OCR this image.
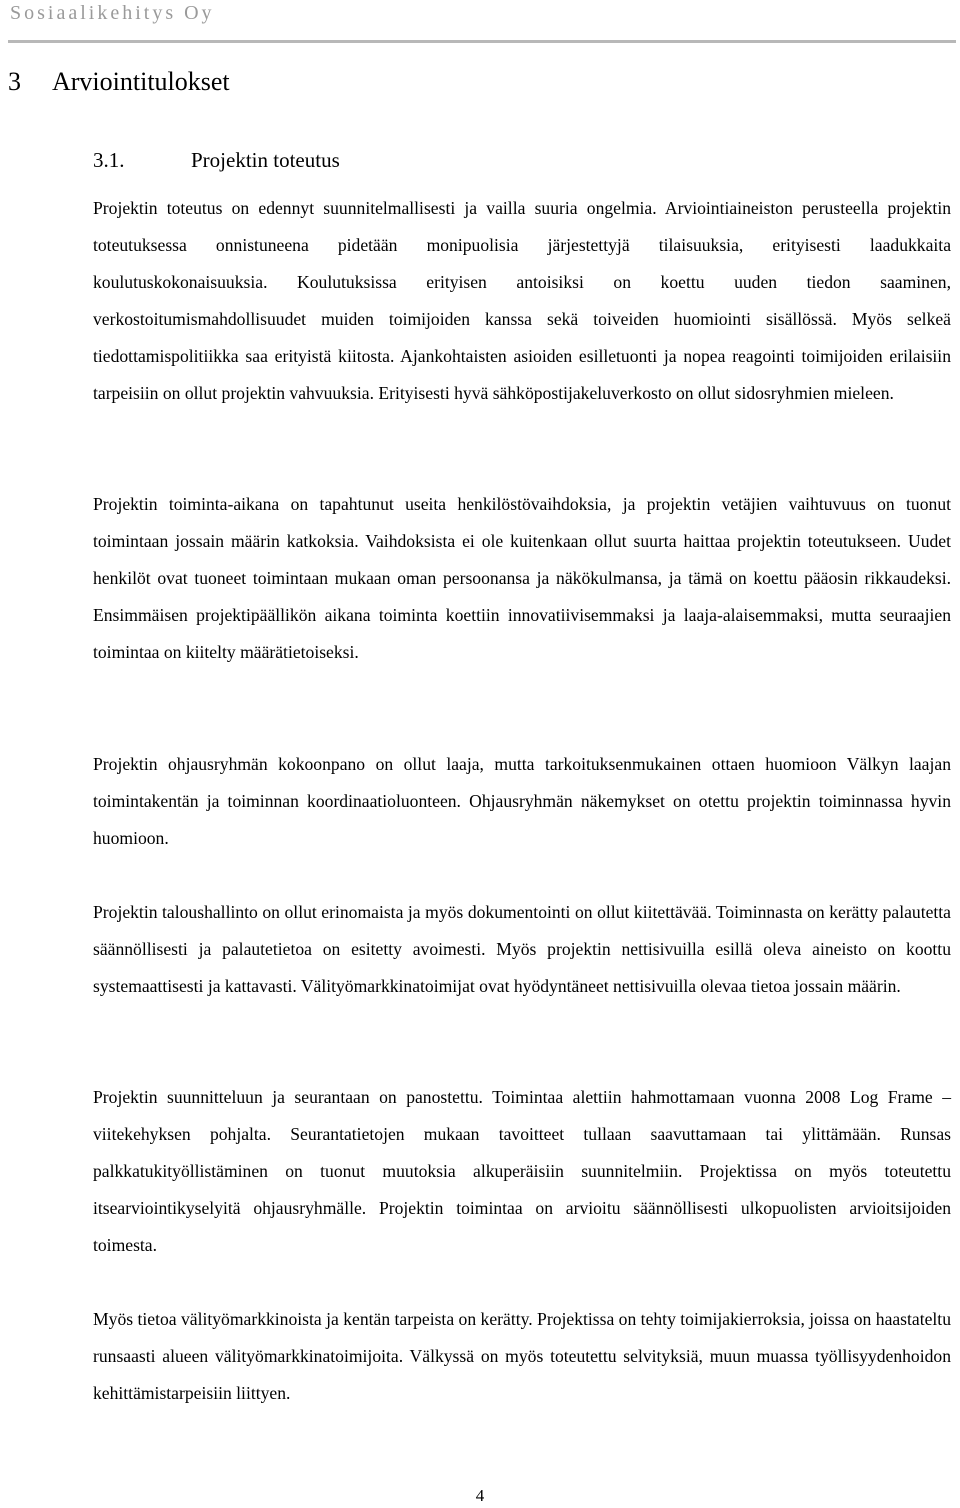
Sosiaalikehitys Oy
3 Arviointitulokset
3.1.	Projektin toteutus

Projektin toteutus on edennyt suunnitelmallisesti ja vailla suuria ongelmia. Arviointiaineiston perusteella projektin toteutuksessa onnistuneena pidetään monipuolisia järjestettyjä tilaisuuksia, erityisesti laadukkaita koulutuskokonaisuuksia. Koulutuksissa erityisen antoisiksi on koettu uuden tiedon saaminen, verkostoitumismahdollisuudet muiden toimijoiden kanssa sekä toiveiden huomiointi sisällössä. Myös selkeä tiedottamispolitiikka saa erityistä kiitosta. Ajankohtaisten asioiden esilletuonti ja nopea reagointi toimijoiden erilaisiin tarpeisiin on ollut projektin vahvuuksia. Erityisesti hyvä sähköpostijakeluverkosto on ollut sidosryhmien mieleen.

Projektin toiminta-aikana on tapahtunut useita henkilöstövaihdoksia, ja projektin vetäjien vaihtuvuus on tuonut toimintaan jossain määrin katkoksia. Vaihdoksista ei ole kuitenkaan ollut suurta haittaa projektin toteutukseen. Uudet henkilöt ovat tuoneet toimintaan mukaan oman persoonansa ja näkökulmansa, ja tämä on koettu pääosin rikkaudeksi. Ensimmäisen projektipäällikön aikana toiminta koettiin innovatiivisemmaksi ja laaja-alaisemmaksi, mutta seuraajien toimintaa on kiitelty määrätietoiseksi.

Projektin ohjausryhmän kokoonpano on ollut laaja, mutta tarkoituksenmukainen ottaen huomioon Välkyn laajan toimintakentän ja toiminnan koordinaatioluonteen. Ohjausryhmän näkemykset on otettu projektin toiminnassa hyvin huomioon.

Projektin taloushallinto on ollut erinomaista ja myös dokumentointi on ollut kiitettävää. Toiminnasta on kerätty palautetta säännöllisesti ja palautetietoa on esitetty avoimesti. Myös projektin nettisivuilla esillä oleva aineisto on koottu systemaattisesti ja kattavasti. Välityömarkkinatoimijat ovat hyödyntäneet nettisivuilla olevaa tietoa jossain määrin.

Projektin suunnitteluun ja seurantaan on panostettu. Toimintaa alettiin hahmottamaan vuonna 2008 Log Frame –viitekehyksen pohjalta. Seurantatietojen mukaan tavoitteet tullaan saavuttamaan tai ylittämään. Runsas palkkatukityöllistäminen on tuonut muutoksia alkuperäisiin suunnitelmiin. Projektissa on myös toteutettu itsearviointikyselyitä ohjausryhmälle. Projektin toimintaa on arvioitu säännöllisesti ulkopuolisten arvioitsijoiden toimesta.

Myös tietoa välityömarkkinoista ja kentän tarpeista on kerätty. Projektissa on tehty toimijakierroksia, joissa on haastateltu runsaasti alueen välityömarkkinatoimijoita. Välkyssä on myös toteutettu selvityksiä, muun muassa työllisyydenhoidon kehittämistarpeisiin liittyen.

4
